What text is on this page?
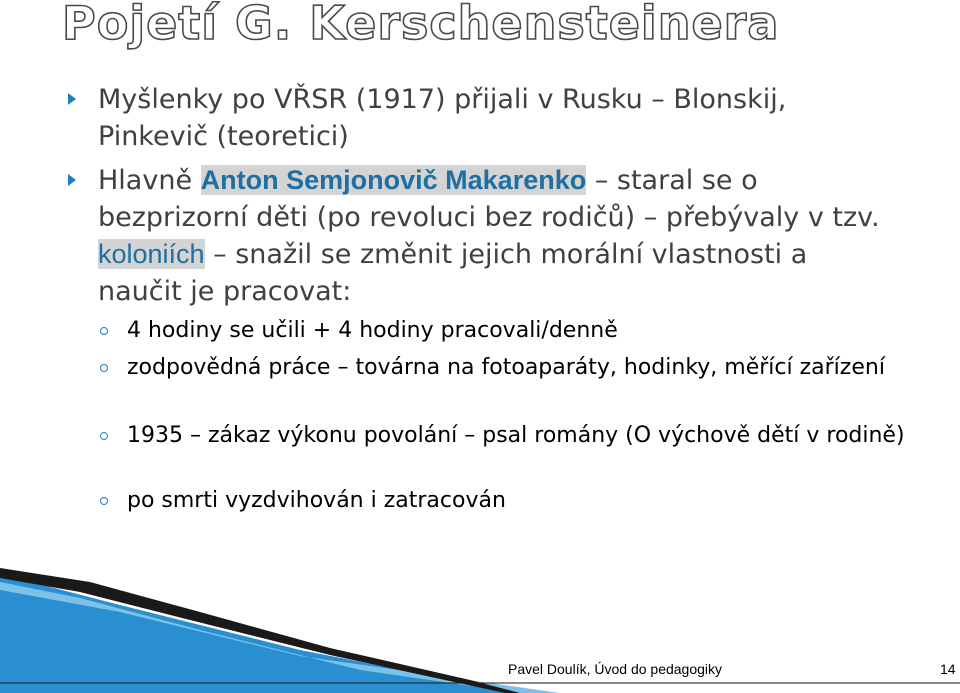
Pojetí G. Kerschensteinera
Myšlenky po VŘSR (1917) přijali v Rusku – Blonskij, Pinkevič (teoretici)
Hlavně Anton Semjonovič Makarenko – staral se o bezprizorní děti (po revoluci bez rodičů) – přebývaly v tzv. koloniích – snažil se změnit jejich morální vlastnosti a naučit je pracovat:
4 hodiny se učili + 4 hodiny pracovali/denně
zodpovědná práce – továrna na fotoaparáty, hodinky, měřící zařízení
1935 – zákaz výkonu povolání – psal romány (O výchově dětí v rodině)
po smrti vyzdvihován i zatracován
Pavel Doulík, Úvod do pedagogiky	14
